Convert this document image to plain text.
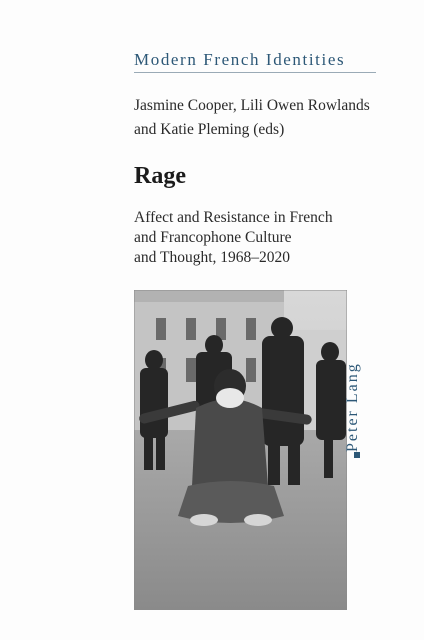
Modern French Identities
Jasmine Cooper, Lili Owen Rowlands
and Katie Pleming (eds)
Rage
Affect and Resistance in French
and Francophone Culture
and Thought, 1968–2020
Peter Lang
